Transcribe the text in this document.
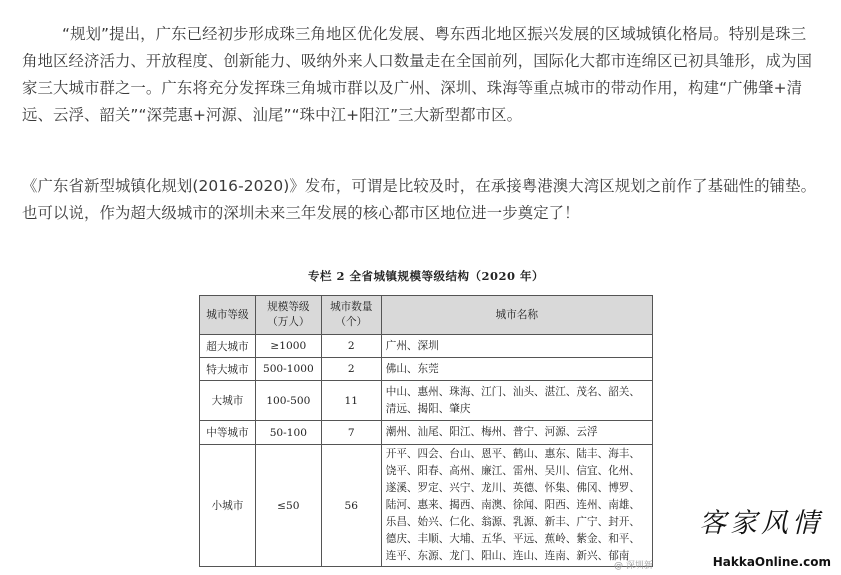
“规划”提出，广东已经初步形成珠三角地区优化发展、粤东西北地区振兴发展的区域城镇化格局。特别是珠三
角地区经济活力、开放程度、创新能力、吸纳外来人口数量走在全国前列，国际化大都市连绵区已初具雏形，成为国
家三大城市群之一。广东将充分发挥珠三角城市群以及广州、深圳、珠海等重点城市的带动作用，构建“广佛肇+清
远、云浮、韶关”“深莞惠+河源、汕尾”“珠中江+阳江”三大新型都市区。
《广东省新型城镇化规划(2016-2020)》发布，可谓是比较及时，在承接粤港澳大湾区规划之前作了基础性的铺垫。
也可以说，作为超大级城市的深圳未来三年发展的核心都市区地位进一步奠定了！
专栏 2 全省城镇规模等级结构（2020 年）
城市等级	规模等级（万人）	城市数量（个）	城市名称
超大城市	≥1000	2	广州、深圳
特大城市	500-1000	2	佛山、东莞
大城市	100-500	11	中山、惠州、珠海、江门、汕头、湛江、茂名、韶关、清远、揭阳、肇庆
中等城市	50-100	7	潮州、汕尾、阳江、梅州、普宁、河源、云浮
小城市	≤50	56	开平、四会、台山、恩平、鹤山、惠东、陆丰、海丰、饶平、阳春、高州、廉江、雷州、吴川、信宜、化州、遂溪、罗定、兴宁、龙川、英德、怀集、佛冈、博罗、陆河、惠来、揭西、南澳、徐闻、阳西、连州、南雄、乐昌、始兴、仁化、翁源、乳源、新丰、广宁、封开、德庆、丰顺、大埔、五华、平远、蕉岭、紫金、和平、连平、东源、龙门、阳山、连山、连南、新兴、郁南
@ 深圳新
客家风情
HakkaOnline.com
